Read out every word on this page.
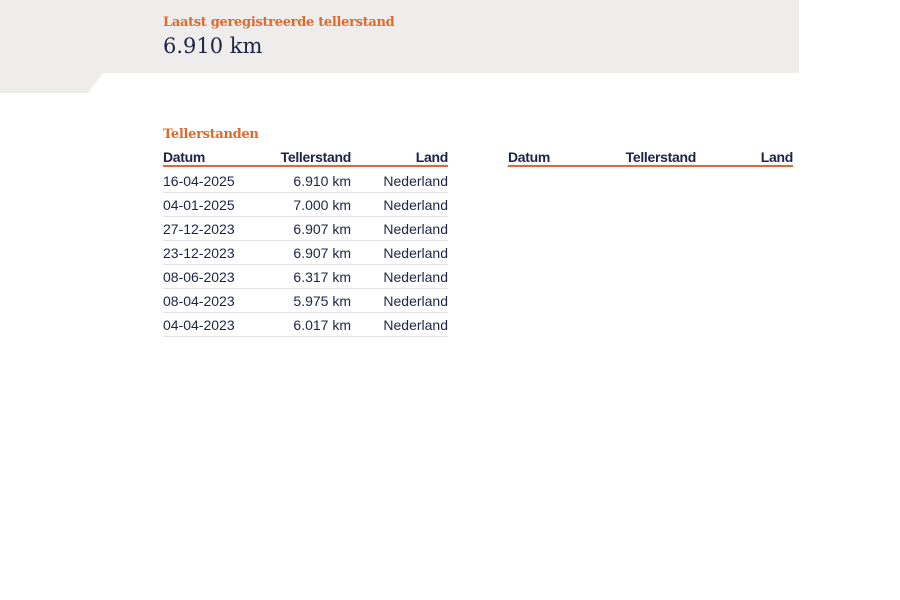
Laatst geregistreerde tellerstand
6.910 km
Tellerstanden
Datum	Tellerstand	Land
16-04-2025	6.910 km	Nederland
04-01-2025	7.000 km	Nederland
27-12-2023	6.907 km	Nederland
23-12-2023	6.907 km	Nederland
08-06-2023	6.317 km	Nederland
08-04-2023	5.975 km	Nederland
04-04-2023	6.017 km	Nederland
Datum	Tellerstand	Land
